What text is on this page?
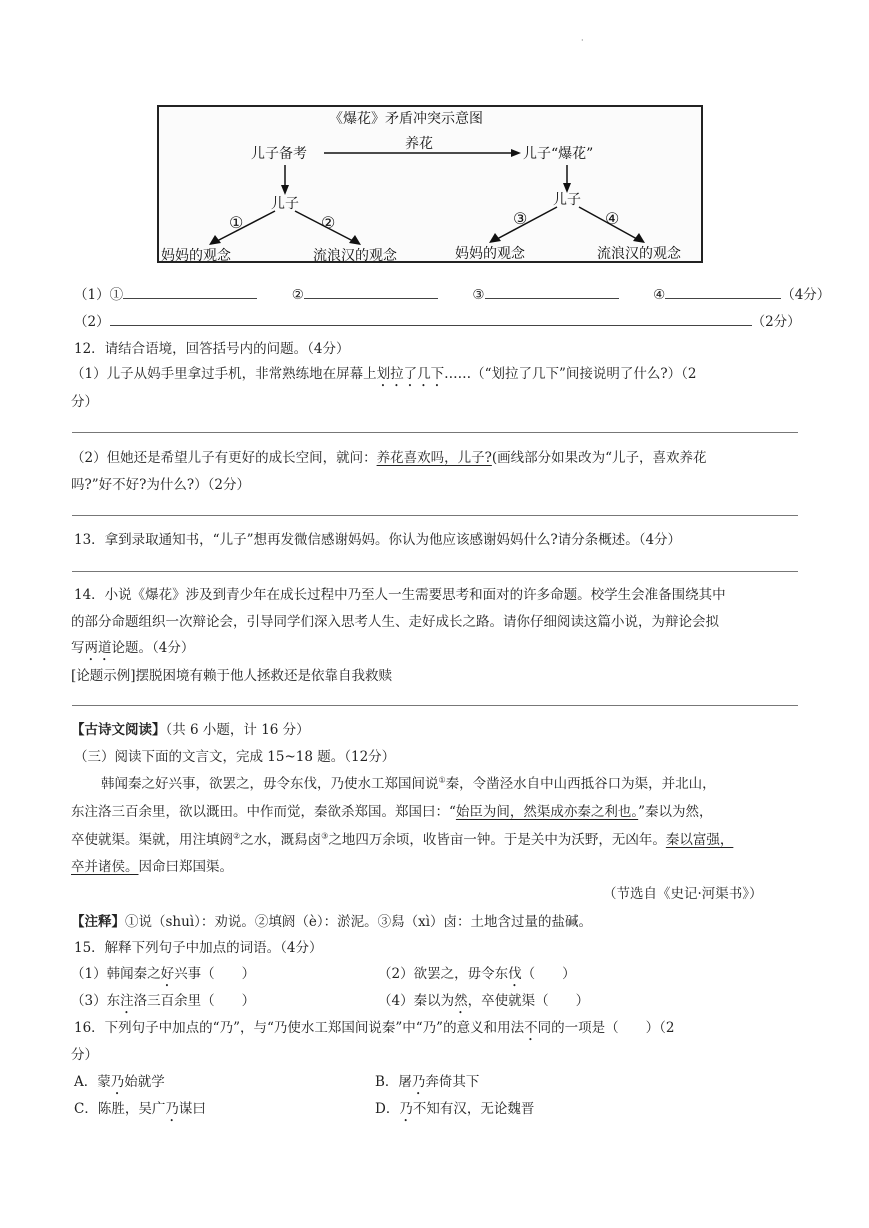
·
《爆花》矛盾冲突示意图
儿子备考
养花
儿子“爆花”
儿子	儿子
①	②	③	④
妈妈的观念	流浪汉的观念	妈妈的观念	流浪汉的观念
（1）①	②	③	④	（4分）
（2）	（2分）
12．请结合语境，回答括号内的问题。（4分）
（1）儿子从妈手里拿过手机，非常熟练地在屏幕上划拉了几下……（“划拉了几下”间接说明了什么?）（2
分）
（2）但她还是希望儿子有更好的成长空间，就问：养花喜欢吗，儿子?(画线部分如果改为“儿子，喜欢养花
吗?”好不好?为什么?）（2分）
13．拿到录取通知书，“儿子”想再发微信感谢妈妈。你认为他应该感谢妈妈什么?请分条概述。（4分）
14．小说《爆花》涉及到青少年在成长过程中乃至人一生需要思考和面对的许多命题。校学生会准备围绕其中
的部分命题组织一次辩论会，引导同学们深入思考人生、走好成长之路。请你仔细阅读这篇小说，为辩论会拟
写两道论题。（4分）
[论题示例]摆脱困境有赖于他人拯救还是依靠自我救赎
【古诗文阅读】（共 6 小题，计 16 分）
（三）阅读下面的文言文，完成 15~18 题。（12分）
韩闻秦之好兴事，欲罢之，毋令东伐，乃使水工郑国间说①秦，令凿泾水自中山西抵谷口为渠，并北山，
东注洛三百余里，欲以溉田。中作而觉，秦欲杀郑国。郑国曰：“始臣为间，然渠成亦秦之利也。”秦以为然，
卒使就渠。渠就，用注填阏②之水，溉舄卤③之地四万余顷，收皆亩一钟。于是关中为沃野，无凶年。秦以富强，
卒并诸侯。因命曰郑国渠。
（节选自《史记·河渠书》）
【注释】①说（shuì）：劝说。②填阏（è）：淤泥。③舄（xì）卤：土地含过量的盐碱。
15．解释下列句子中加点的词语。（4分）
（1）韩闻秦之好兴事（　　）	（2）欲罢之，毋令东伐（　　）
（3）东注洛三百余里（　　）	（4）秦以为然，卒使就渠（　　）
16．下列句子中加点的“乃”，与“乃使水工郑国间说秦”中“乃”的意义和用法不同的一项是（　　）（2
分）
A．蒙乃始就学	B．屠乃奔倚其下
C．陈胜，吴广乃谋曰	D．乃不知有汉，无论魏晋
